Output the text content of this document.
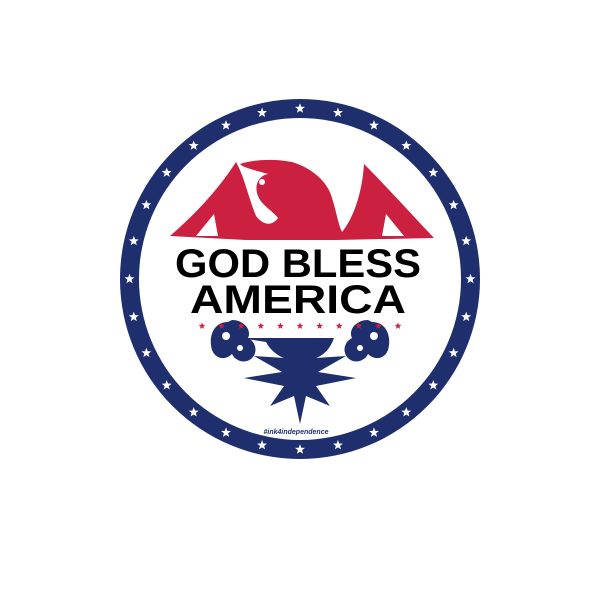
GOD BLESS
AMERICA
#ink4independence
